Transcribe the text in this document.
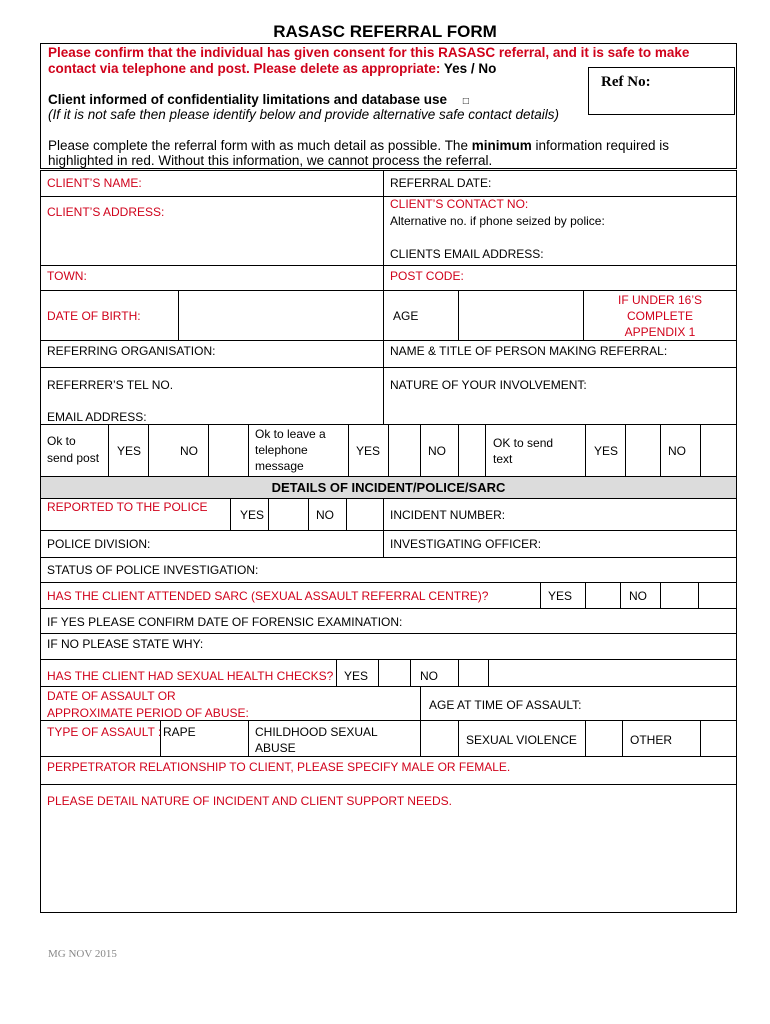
RASASC REFERRAL FORM
Please confirm that the individual has given consent for this RASASC referral, and it is safe to make
contact via telephone and post. Please delete as appropriate: Yes / No
Ref No:
Client informed of confidentiality limitations and database use □
(If it is not safe then please identify below and provide alternative safe contact details)
Please complete the referral form with as much detail as possible. The minimum information required is
highlighted in red. Without this information, we cannot process the referral.
CLIENT’S NAME:	REFERRAL DATE:
CLIENT’S ADDRESS:
CLIENT’S CONTACT NO:
Alternative no. if phone seized by police:
CLIENTS EMAIL ADDRESS:
TOWN:	POST CODE:
DATE OF BIRTH:	AGE
IF UNDER 16’S
COMPLETE
APPENDIX 1
REFERRING ORGANISATION:	NAME & TITLE OF PERSON MAKING REFERRAL:
REFERRER’S TEL NO.	NATURE OF YOUR INVOLVEMENT:
EMAIL ADDRESS:
Ok to
send post YES	NO
Ok to leave a
telephone
message
YES	NO
OK to send
text
YES	NO
DETAILS OF INCIDENT/POLICE/SARC
REPORTED TO THE POLICE
YES	NO	INCIDENT NUMBER:
POLICE DIVISION:	INVESTIGATING OFFICER:
STATUS OF POLICE INVESTIGATION:
HAS THE CLIENT ATTENDED SARC (SEXUAL ASSAULT REFERRAL CENTRE)?	YES	NO
IF YES PLEASE CONFIRM DATE OF FORENSIC EXAMINATION:
IF NO PLEASE STATE WHY:
HAS THE CLIENT HAD SEXUAL HEALTH CHECKS? YES	NO
DATE OF ASSAULT OR
APPROXIMATE PERIOD OF ABUSE:
AGE AT TIME OF ASSAULT:
TYPE OF ASSAULT : RAPE	CHILDHOOD SEXUAL
ABUSE
SEXUAL VIOLENCE	OTHER
PERPETRATOR RELATIONSHIP TO CLIENT, PLEASE SPECIFY MALE OR FEMALE.
PLEASE DETAIL NATURE OF INCIDENT AND CLIENT SUPPORT NEEDS.
MG NOV 2015
